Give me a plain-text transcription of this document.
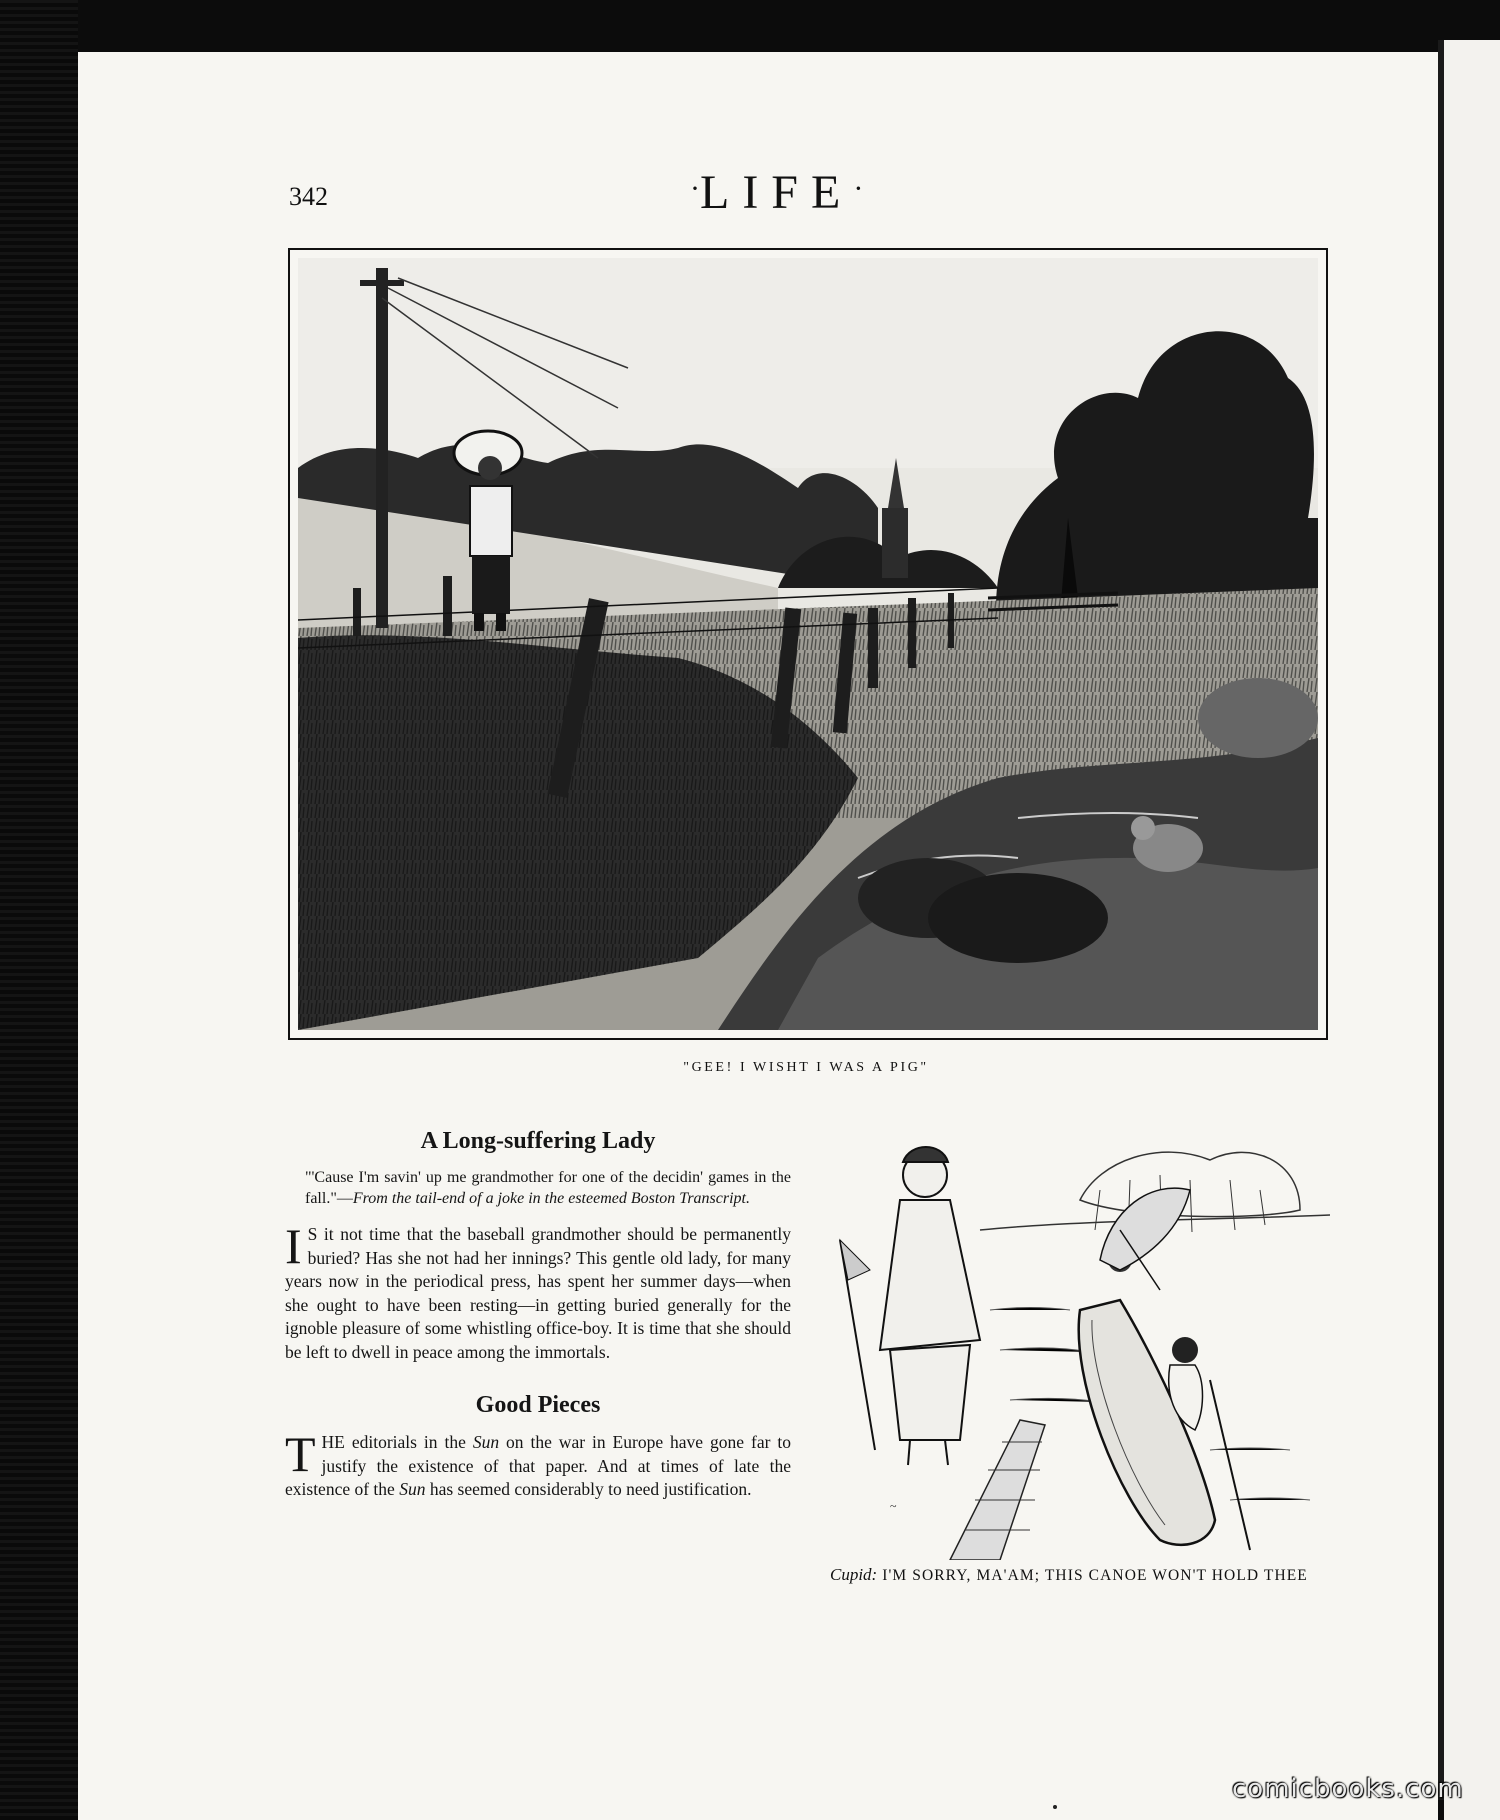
342	·LIFE·
"GEE! I WISHT I WAS A PIG"
A Long-suffering Lady

"'Cause I'm savin' up me grandmother for one of the decidin' games in the fall."—From the tail-end of a joke in the esteemed Boston Transcript.

I S it not time that the baseball grandmother should be permanently buried? Has she not had her innings? This gentle old lady, for many years now in the periodical press, has spent her summer days—when she ought to have been resting—in getting buried generally for the ignoble pleasure of some whistling office-boy. It is time that she should be left to dwell in peace among the immortals.

Good Pieces

THE editorials in the Sun on the war in Europe have gone far to justify the existence of that paper. And at times of late the existence of the Sun has seemed considerably to need justification.

~
Cupid: I'M SORRY, MA'AM; THIS CANOE WON'T HOLD THEE
comicbooks.com
